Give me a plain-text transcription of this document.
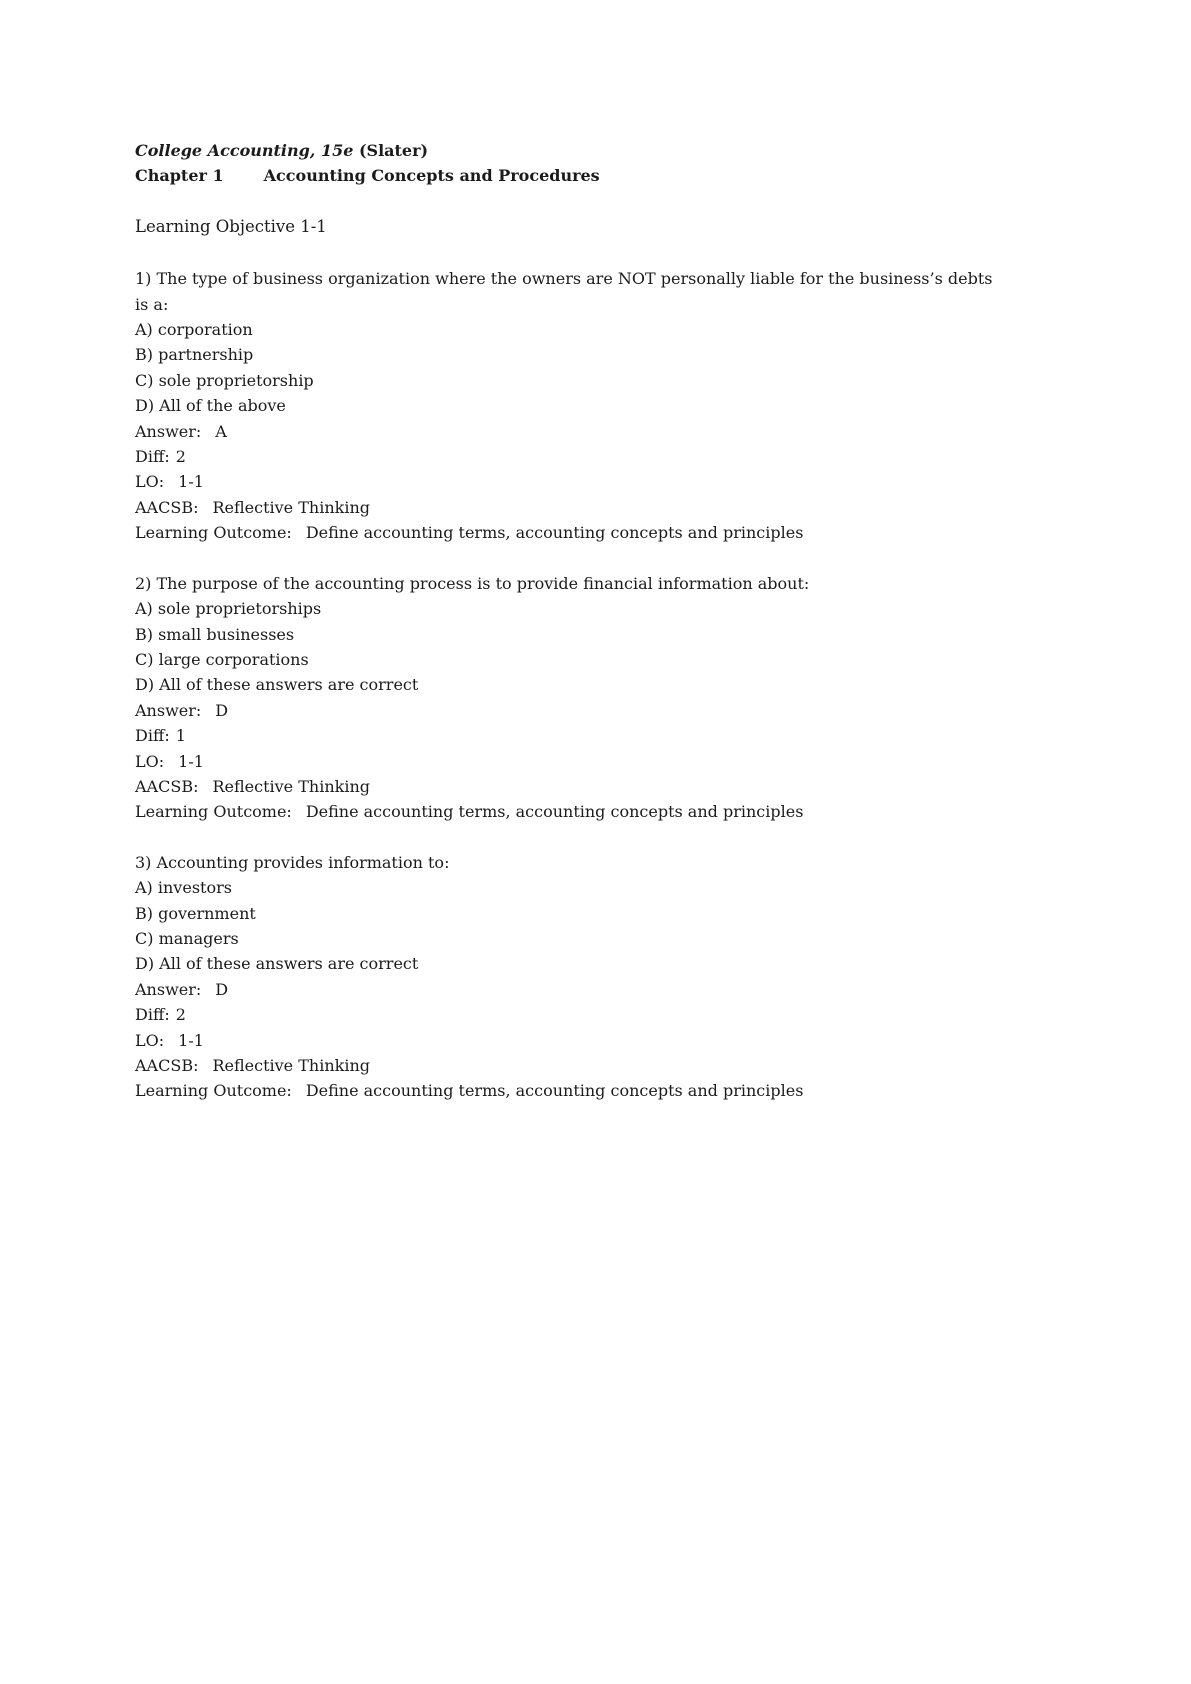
College Accounting, 15e (Slater)

Chapter 1	Accounting Concepts and Procedures

Learning Objective 1-1

1) The type of business organization where the owners are NOT personally liable for the business’s debts is a:

A) corporation

B) partnership

C) sole proprietorship

D) All of the above

Answer: A

Diff: 2

LO: 1-1

AACSB: Reflective Thinking

Learning Outcome: Define accounting terms, accounting concepts and principles

2) The purpose of the accounting process is to provide financial information about:

A) sole proprietorships

B) small businesses

C) large corporations

D) All of these answers are correct

Answer: D

Diff: 1

LO: 1-1

AACSB: Reflective Thinking

Learning Outcome: Define accounting terms, accounting concepts and principles

3) Accounting provides information to:

A) investors

B) government

C) managers

D) All of these answers are correct

Answer: D

Diff: 2

LO: 1-1

AACSB: Reflective Thinking

Learning Outcome: Define accounting terms, accounting concepts and principles
